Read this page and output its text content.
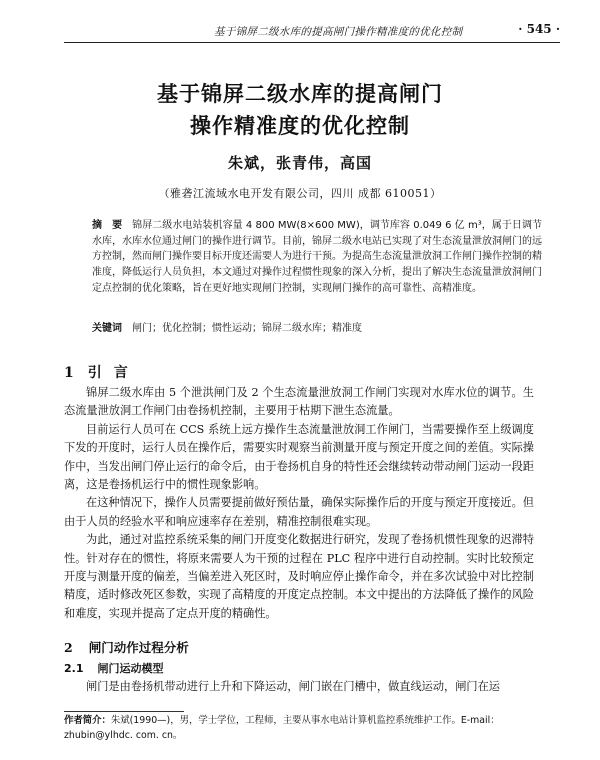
基于锦屏二级水库的提高闸门操作精准度的优化控制	· 545 ·
基于锦屏二级水库的提高闸门
操作精准度的优化控制
朱斌，张青伟，高国
（雅砻江流域水电开发有限公司，四川 成都 610051）
摘　要 锦屏二级水电站装机容量 4 800 MW(8×600 MW)，调节库容 0.049 6 亿 m³，属于日调节水库，水库水位通过闸门的操作进行调节。目前，锦屏二级水电站已实现了对生态流量泄放洞闸门的远方控制，然而闸门操作要目标开度还需要人为进行干预。为提高生态流量泄放洞工作闸门操作控制的精准度，降低运行人员负担，本文通过对操作过程惯性现象的深入分析，提出了解决生态流量泄放洞闸门定点控制的优化策略，旨在更好地实现闸门控制，实现闸门操作的高可靠性、高精准度。
关键词 闸门；优化控制；惯性运动；锦屏二级水库；精准度
1 引言

锦屏二级水库由 5 个泄洪闸门及 2 个生态流量泄放洞工作闸门实现对水库水位的调节。生态流量泄放洞工作闸门由卷扬机控制，主要用于枯期下泄生态流量。

目前运行人员可在 CCS 系统上远方操作生态流量泄放洞工作闸门，当需要操作至上级调度下发的开度时，运行人员在操作后，需要实时观察当前测量开度与预定开度之间的差值。实际操作中，当发出闸门停止运行的命令后，由于卷扬机自身的特性还会继续转动带动闸门运动一段距离，这是卷扬机运行中的惯性现象影响。

在这种情况下，操作人员需要提前做好预估量，确保实际操作后的开度与预定开度接近。但由于人员的经验水平和响应速率存在差别，精准控制很难实现。

为此，通过对监控系统采集的闸门开度变化数据进行研究，发现了卷扬机惯性现象的迟滞特性。针对存在的惯性，将原来需要人为干预的过程在 PLC 程序中进行自动控制。实时比较预定开度与测量开度的偏差，当偏差进入死区时，及时响应停止操作命令，并在多次试验中对比控制精度，适时修改死区参数，实现了高精度的开度定点控制。本文中提出的方法降低了操作的风险和难度，实现并提高了定点开度的精确性。

2 闸门动作过程分析
2.1 闸门运动模型

闸门是由卷扬机带动进行上升和下降运动，闸门嵌在门槽中，做直线运动，闸门在运

作者简介：朱斌(1990—)，男，学士学位，工程师，主要从事水电站计算机监控系统维护工作。E-mail：zhubin@ylhdc. com. cn。
